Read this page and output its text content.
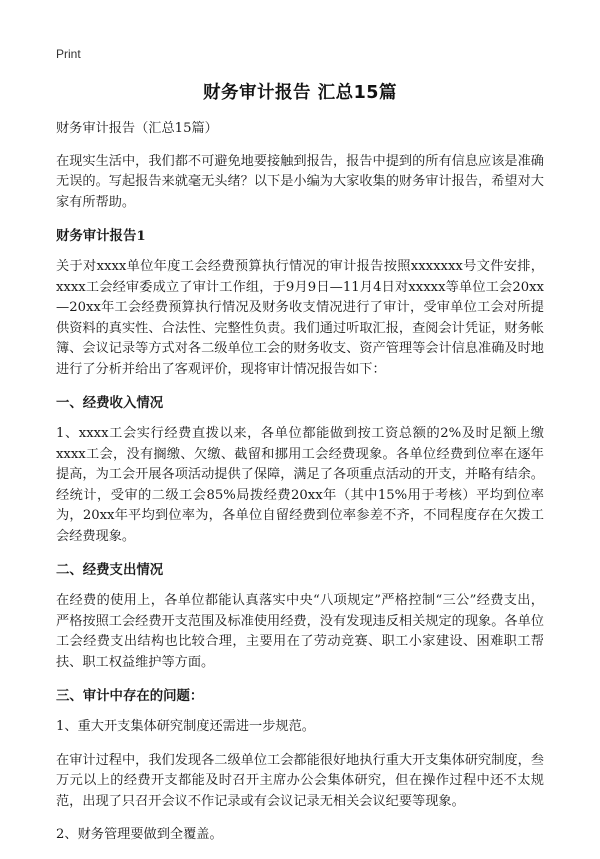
Print
财务审计报告 汇总15篇

财务审计报告（汇总15篇）

在现实生活中，我们都不可避免地要接触到报告，报告中提到的所有信息应该是准确无误的。写起报告来就毫无头绪？以下是小编为大家收集的财务审计报告，希望对大家有所帮助。

财务审计报告1

关于对xxxx单位年度工会经费预算执行情况的审计报告按照xxxxxxx号文件安排，xxxx工会经审委成立了审计工作组，于9月9日—11月4日对xxxxx等单位工会20xx—20xx年工会经费预算执行情况及财务收支情况进行了审计，受审单位工会对所提供资料的真实性、合法性、完整性负责。我们通过听取汇报，查阅会计凭证，财务帐簿、会议记录等方式对各二级单位工会的财务收支、资产管理等会计信息准确及时地进行了分析并给出了客观评价，现将审计情况报告如下：

一、经费收入情况

1、xxxx工会实行经费直拨以来，各单位都能做到按工资总额的2%及时足额上缴xxxx工会，没有搁缴、欠缴、截留和挪用工会经费现象。各单位经费到位率在逐年提高，为工会开展各项活动提供了保障，满足了各项重点活动的开支，并略有结余。经统计，受审的二级工会85%局拨经费20xx年（其中15%用于考核）平均到位率为，20xx年平均到位率为，各单位自留经费到位率参差不齐，不同程度存在欠拨工会经费现象。

二、经费支出情况

在经费的使用上，各单位都能认真落实中央“八项规定”严格控制“三公”经费支出，严格按照工会经费开支范围及标准使用经费，没有发现违反相关规定的现象。各单位工会经费支出结构也比较合理，主要用在了劳动竞赛、职工小家建设、困难职工帮扶、职工权益维护等方面。

三、审计中存在的问题：

1、重大开支集体研究制度还需进一步规范。

在审计过程中，我们发现各二级单位工会都能很好地执行重大开支集体研究制度，叁万元以上的经费开支都能及时召开主席办公会集体研究，但在操作过程中还不太规范，出现了只召开会议不作记录或有会议记录无相关会议纪要等现象。

2、财务管理要做到全覆盖。
